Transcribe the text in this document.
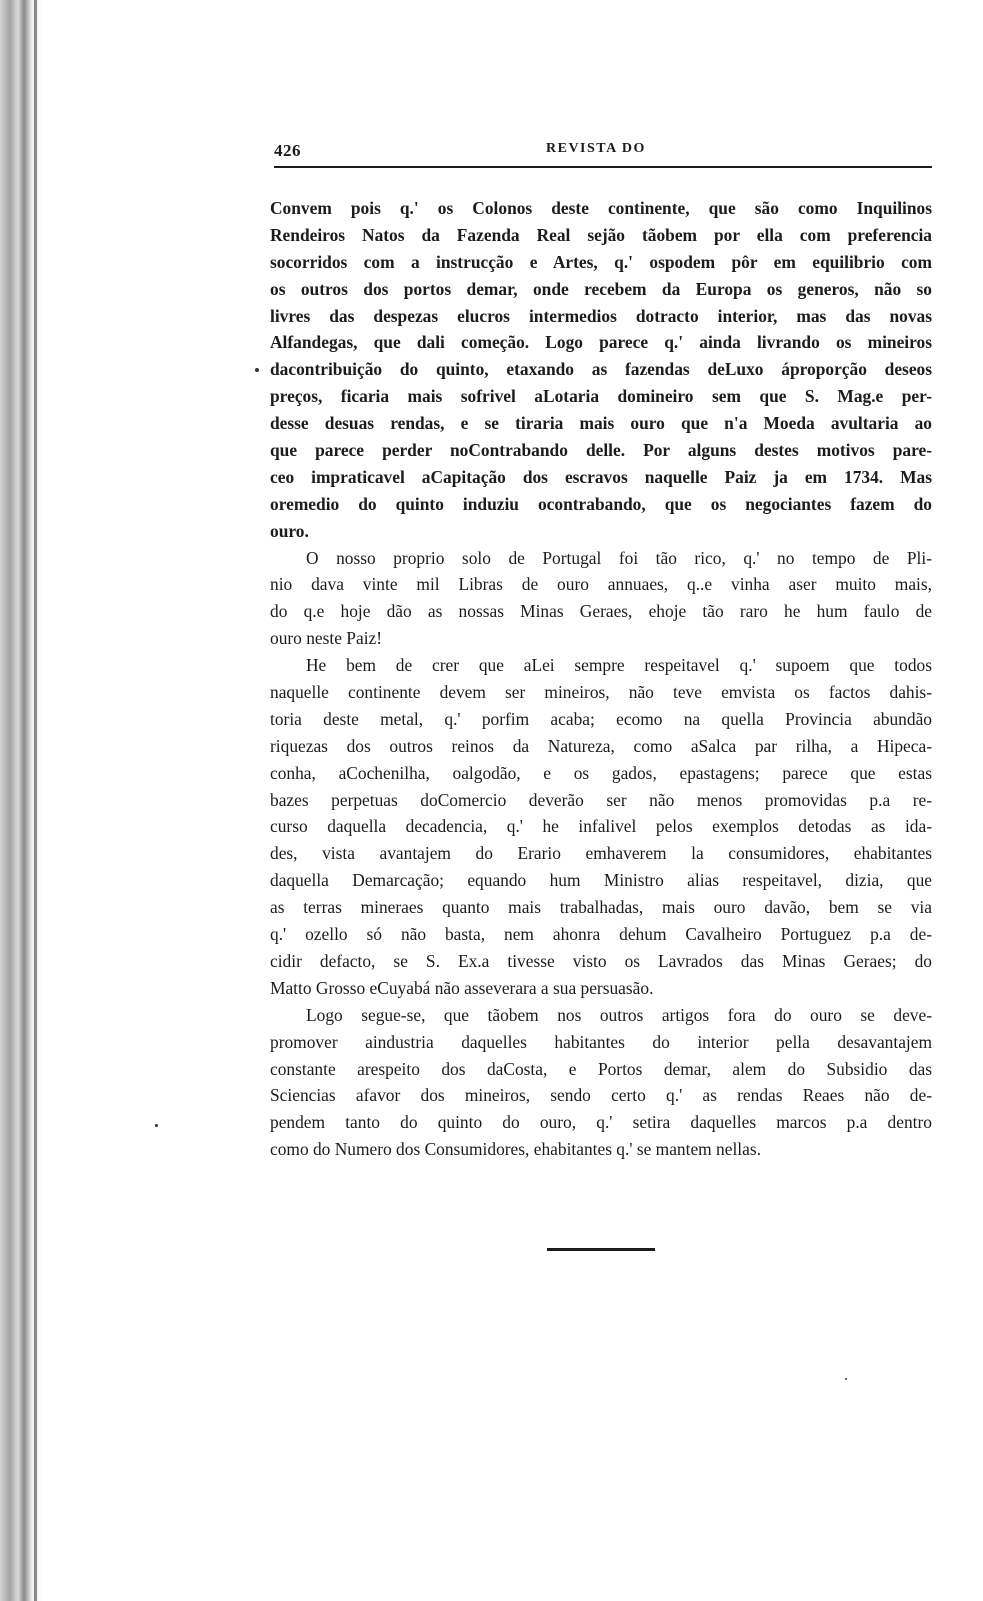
426	REVISTA DO
Convem pois q.' os Colonos deste continente, que são como Inquilinos
Rendeiros Natos da Fazenda Real sejão tãobem por ella com preferencia
socorridos com a instrucção e Artes, q.' ospodem pôr em equilibrio com
os outros dos portos demar, onde recebem da Europa os generos, não so
livres das despezas elucros intermedios dotracto interior, mas das novas
Alfandegas, que dali começão. Logo parece q.' ainda livrando os mineiros
dacontribuição do quinto, etaxando as fazendas deLuxo áproporção deseos
preços, ficaria mais sofrivel aLotaria domineiro sem que S. Mag.e per-
desse desuas rendas, e se tiraria mais ouro que n'a Moeda avultaria ao
que parece perder noContrabando delle. Por alguns destes motivos pare-
ceo impraticavel aCapitação dos escravos naquelle Paiz ja em 1734. Mas
oremedio do quinto induziu ocontrabando, que os negociantes fazem do
ouro.
O nosso proprio solo de Portugal foi tão rico, q.' no tempo de Pli-
nio dava vinte mil Libras de ouro annuaes, q..e vinha aser muito mais,
do q.e hoje dão as nossas Minas Geraes, ehoje tão raro he hum faulo de
ouro neste Paiz!
He bem de crer que aLei sempre respeitavel q.' supoem que todos
naquelle continente devem ser mineiros, não teve emvista os factos dahis-
toria deste metal, q.' porfim acaba; ecomo na quella Provincia abundão
riquezas dos outros reinos da Natureza, como aSalca par rilha, a Hipeca-
conha, aCochenilha, oalgodão, e os gados, epastagens; parece que estas
bazes perpetuas doComercio deverão ser não menos promovidas p.a re-
curso daquella decadencia, q.' he infalivel pelos exemplos detodas as ida-
des, vista avantajem do Erario emhaverem la consumidores, ehabitantes
daquella Demarcação; equando hum Ministro alias respeitavel, dizia, que
as terras mineraes quanto mais trabalhadas, mais ouro davão, bem se via
q.' ozello só não basta, nem ahonra dehum Cavalheiro Portuguez p.a de-
cidir defacto, se S. Ex.a tivesse visto os Lavrados das Minas Geraes; do
Matto Grosso eCuyabá não asseverara a sua persuasão.
Logo segue-se, que tãobem nos outros artigos fora do ouro se deve-
promover aindustria daquelles habitantes do interior pella desavantajem
constante arespeito dos daCosta, e Portos demar, alem do Subsidio das
Sciencias afavor dos mineiros, sendo certo q.' as rendas Reaes não de-
pendem tanto do quinto do ouro, q.' setira daquelles marcos p.a dentro
como do Numero dos Consumidores, ehabitantes q.' se mantem nellas.
